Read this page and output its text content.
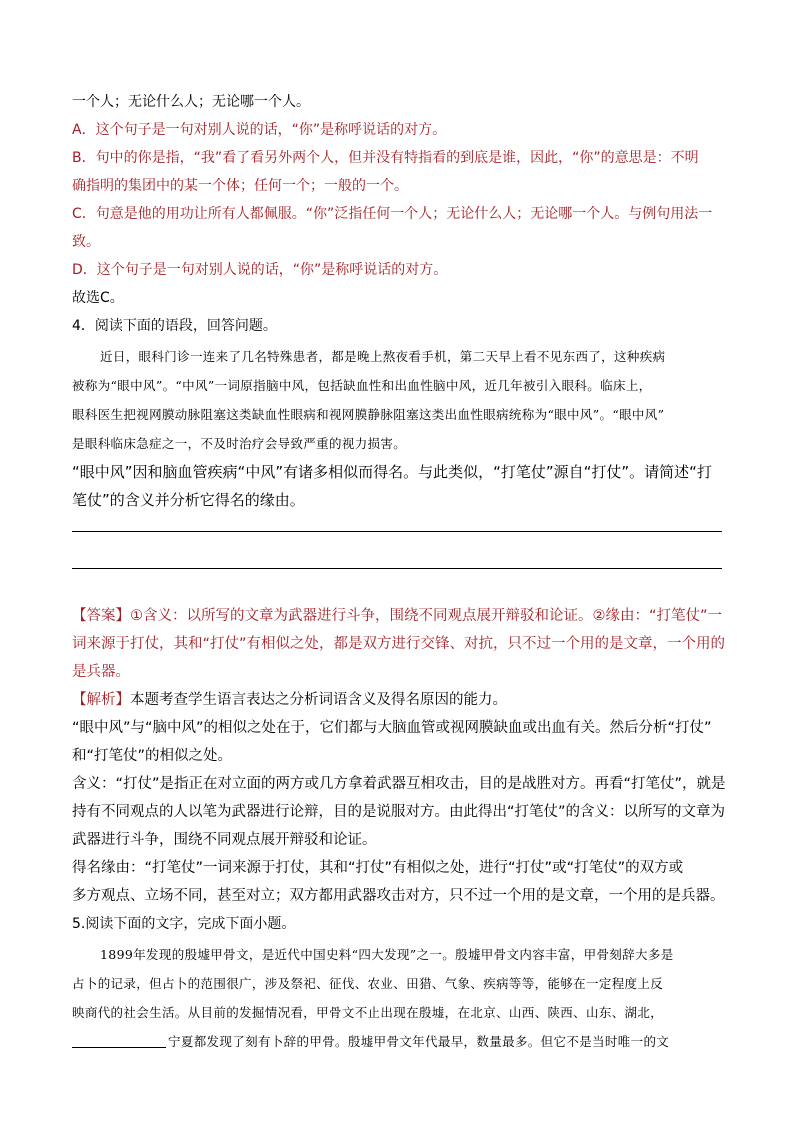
一个人；无论什么人；无论哪一个人。

A．这个句子是一句对别人说的话，“你”是称呼说话的对方。

B．句中的你是指，“我”看了看另外两个人，但并没有特指看的到底是谁，因此，“你”的意思是：不明

确指明的集团中的某一个体；任何一个；一般的一个。

C．句意是他的用功让所有人都佩服。“你”泛指任何一个人；无论什么人；无论哪一个人。与例句用法一

致。

D．这个句子是一句对别人说的话，“你”是称呼说话的对方。

故选C。

4．阅读下面的语段，回答问题。

近日，眼科门诊一连来了几名特殊患者，都是晚上熬夜看手机，第二天早上看不见东西了，这种疾病

被称为“眼中风”。“中风”一词原指脑中风，包括缺血性和出血性脑中风，近几年被引入眼科。临床上，

眼科医生把视网膜动脉阻塞这类缺血性眼病和视网膜静脉阻塞这类出血性眼病统称为“眼中风”。“眼中风”

是眼科临床急症之一，不及时治疗会导致严重的视力损害。

“眼中风”因和脑血管疾病“中风”有诸多相似而得名。与此类似，“打笔仗”源自“打仗”。请简述“打

笔仗”的含义并分析它得名的缘由。

【答案】①含义：以所写的文章为武器进行斗争，围绕不同观点展开辩驳和论证。②缘由：“打笔仗”一

词来源于打仗，其和“打仗”有相似之处，都是双方进行交锋、对抗，只不过一个用的是文章，一个用的

是兵器。

【解析】本题考查学生语言表达之分析词语含义及得名原因的能力。

“眼中风”与“脑中风”的相似之处在于，它们都与大脑血管或视网膜缺血或出血有关。然后分析“打仗”

和“打笔仗”的相似之处。

含义：“打仗”是指正在对立面的两方或几方拿着武器互相攻击，目的是战胜对方。再看“打笔仗”，就是

持有不同观点的人以笔为武器进行论辩，目的是说服对方。由此得出“打笔仗”的含义：以所写的文章为

武器进行斗争，围绕不同观点展开辩驳和论证。

得名缘由：“打笔仗”一词来源于打仗，其和“打仗”有相似之处，进行“打仗”或“打笔仗”的双方或

多方观点、立场不同，甚至对立；双方都用武器攻击对方，只不过一个用的是文章，一个用的是兵器。

5.阅读下面的文字，完成下面小题。

1899年发现的殷墟甲骨文，是近代中国史料“四大发现”之一。殷墟甲骨文内容丰富，甲骨刻辞大多是

占卜的记录，但占卜的范围很广，涉及祭祀、征伐、农业、田猎、气象、疾病等等，能够在一定程度上反

映商代的社会生活。从目前的发掘情况看，甲骨文不止出现在殷墟，在北京、山西、陕西、山东、湖北，

宁夏都发现了刻有卜辞的甲骨。殷墟甲骨文年代最早，数量最多。但它不是当时唯一的文
